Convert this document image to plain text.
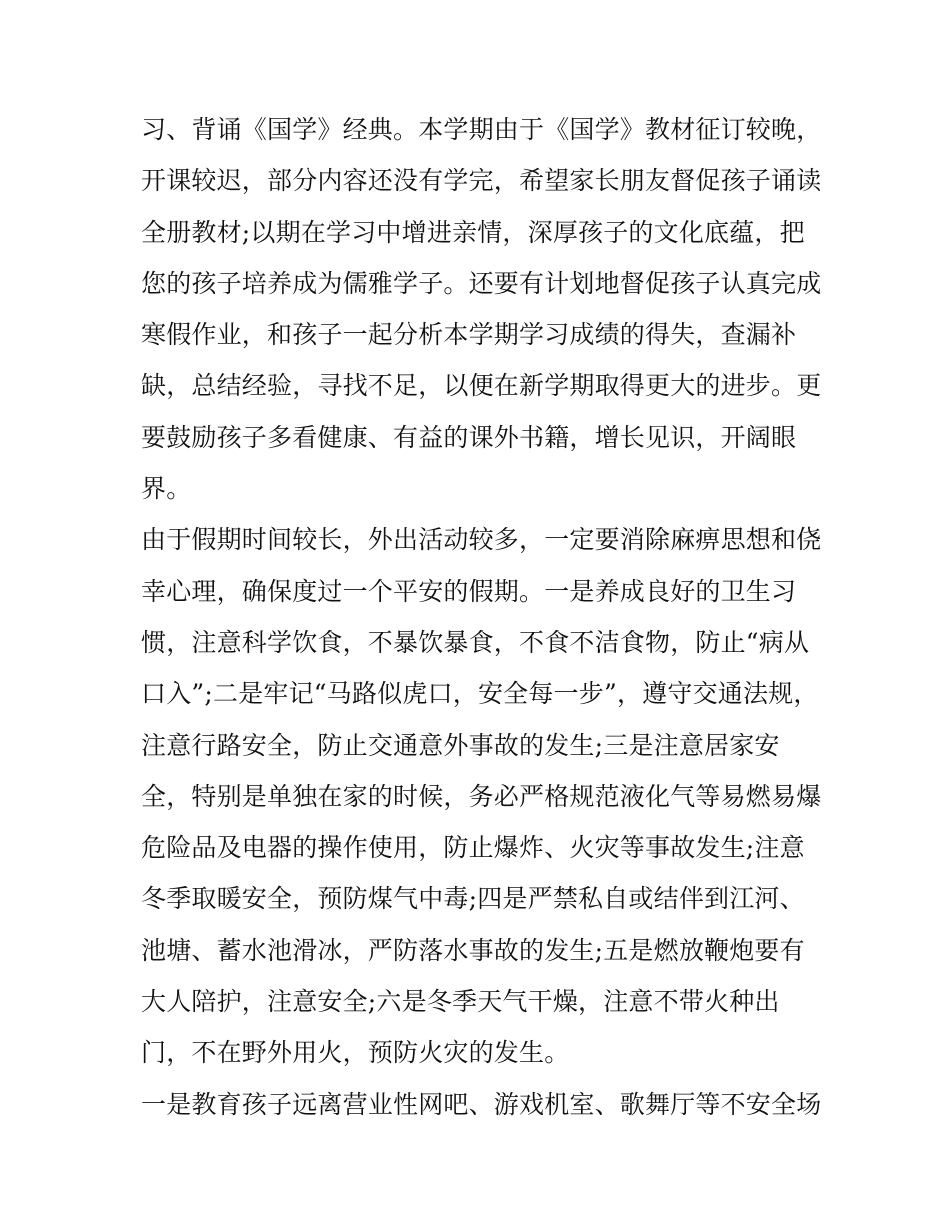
习、背诵《国学》经典。本学期由于《国学》教材征订较晚，
开课较迟，部分内容还没有学完，希望家长朋友督促孩子诵读
全册教材;以期在学习中增进亲情，深厚孩子的文化底蕴，把
您的孩子培养成为儒雅学子。还要有计划地督促孩子认真完成
寒假作业，和孩子一起分析本学期学习成绩的得失，查漏补
缺，总结经验，寻找不足，以便在新学期取得更大的进步。更
要鼓励孩子多看健康、有益的课外书籍，增长见识，开阔眼
界。
由于假期时间较长，外出活动较多，一定要消除麻痹思想和侥
幸心理，确保度过一个平安的假期。一是养成良好的卫生习
惯，注意科学饮食，不暴饮暴食，不食不洁食物，防止“病从
口入”;二是牢记“马路似虎口，安全每一步”，遵守交通法规，
注意行路安全，防止交通意外事故的发生;三是注意居家安
全，特别是单独在家的时候，务必严格规范液化气等易燃易爆
危险品及电器的操作使用，防止爆炸、火灾等事故发生;注意
冬季取暖安全，预防煤气中毒;四是严禁私自或结伴到江河、
池塘、蓄水池滑冰，严防落水事故的发生;五是燃放鞭炮要有
大人陪护，注意安全;六是冬季天气干燥，注意不带火种出
门，不在野外用火，预防火灾的发生。
一是教育孩子远离营业性网吧、游戏机室、歌舞厅等不安全场
